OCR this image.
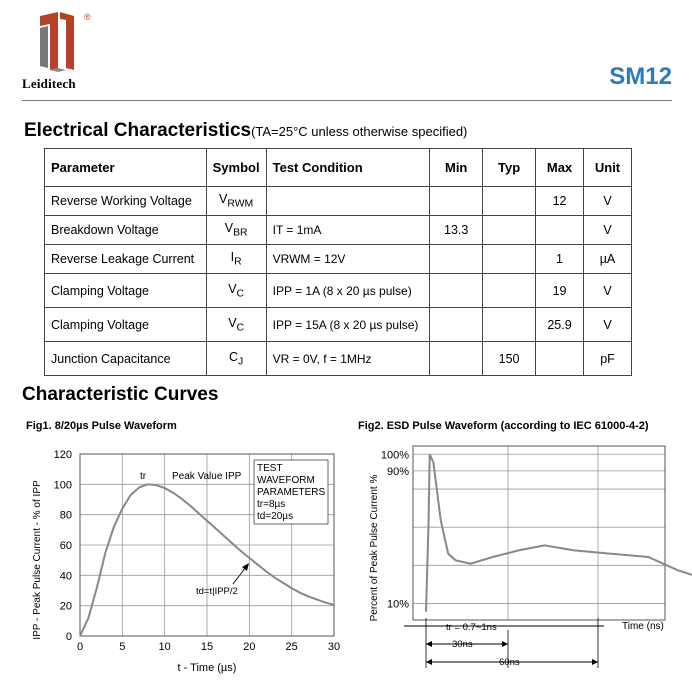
®
Leiditech	SM12
Electrical Characteristics(TA=25°C unless otherwise specified)
Parameter	Symbol	Test Condition	Min	Typ	Max	Unit
Reverse Working Voltage	$V_{RWM}$				12	V
Breakdown Voltage	$V_{BR}$	IT = 1mA	13.3			V
Reverse Leakage Current	$I_R$	VRWM = 12V			1	µA
Clamping Voltage	$V_C$	IPP = 1A (8 x 20 µs pulse)			19	V
Clamping Voltage	$V_C$	IPP = 15A (8 x 20 µs pulse)			25.9	V
Junction Capacitance	$C_J$	VR = 0V, f = 1MHz		150		pF
Characteristic Curves
Fig1. 8/20µs Pulse Waveform	Fig2. ESD Pulse Waveform (according to IEC 61000-4-2)
0
20
40
60
80
100
120
0	5	10	15	20	25	30
t - Time (µs)
IPP - Peak Pulse Current - % of IPP
tr	Peak Value IPP
TEST
WAVEFORM
PARAMETERS
tr=8µs
td=20µs
td=t|IPP/2
10%
90%
100%
Percent of Peak Pulse Current %
Time (ns)
tr = 0.7~1ns
30ns
60ns
